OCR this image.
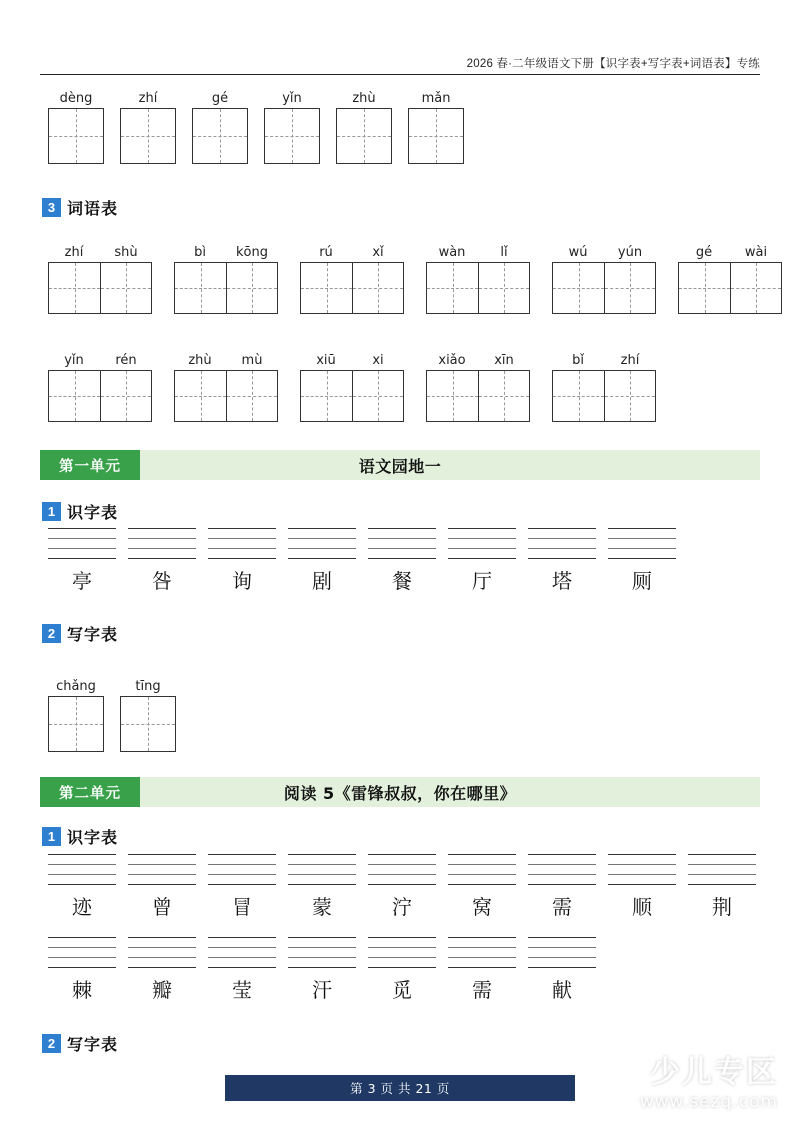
2026 春·二年级语文下册【识字表+写字表+词语表】专练
dèng	zhí	gé	yǐn	zhù	mǎn
3 词语表
zhí	shù	bì	kōng	rú	xǐ	wàn	lǐ	wú	yún	gé	wài
yǐn	rén	zhù	mù	xiū	xi	xiǎo	xīn	bǐ	zhí
第一单元	语文园地一
1 识字表
亭	咎	询	剧	餐	厅	塔	厕
2 写字表
chǎng	tīng
第二单元	阅读 5《雷锋叔叔，你在哪里》
1 识字表
迹	曾	冒	蒙	泞	窝	需	顺	荆
棘	瓣	莹	汗	觅	需	献
2 写字表
第 3 页 共 21 页	少儿专区
www.sezq.com
